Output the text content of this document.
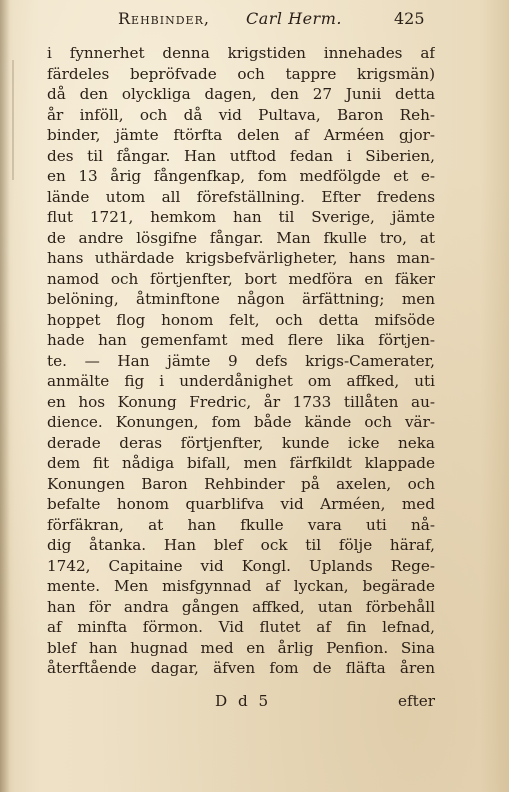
Rehbinder, Carl Herm.	425
i fynnerhet denna krigstiden innehades af
färdeles bepröfvade och tappre krigsmän)
då den olyckliga dagen, den 27 Junii detta
år inföll, och då vid Pultava, Baron Reh-
binder, jämte ftörfta delen af Arméen gjor-
des til fångar. Han utftod fedan i Siberien,
en 13 årig fångenfkap, fom medfölgde et e-
lände utom all förefställning. Efter fredens
flut 1721, hemkom han til Sverige, jämte
de andre lösgifne fångar. Man fkulle tro, at
hans uthärdade krigsbefvärligheter, hans man-
namod och förtjenfter, bort medföra en fäker
belöning, åtminftone någon ärfättning; men
hoppet flog honom felt, och detta mifsöde
hade han gemenfamt med flere lika förtjen-
te. — Han jämte 9 defs krigs-Camerater,
anmälte fig i underdånighet om affked, uti
en hos Konung Fredric, år 1733 tillåten au-
dience. Konungen, fom både kände och vär-
derade deras förtjenfter, kunde icke neka
dem fit nådiga bifall, men färfkildt klappade
Konungen Baron Rehbinder på axelen, och
befalte honom quarblifva vid Arméen, med
förfäkran, at han fkulle vara uti nå-
dig åtanka. Han blef ock til följe häraf,
1742, Capitaine vid Kongl. Uplands Rege-
mente. Men misfgynnad af lyckan, begärade
han för andra gången affked, utan förbehåll
af minfta förmon. Vid flutet af fin lefnad,
blef han hugnad med en årlig Penfion. Sina
återftående dagar, äfven fom de fläfta åren
D d 5	efter
